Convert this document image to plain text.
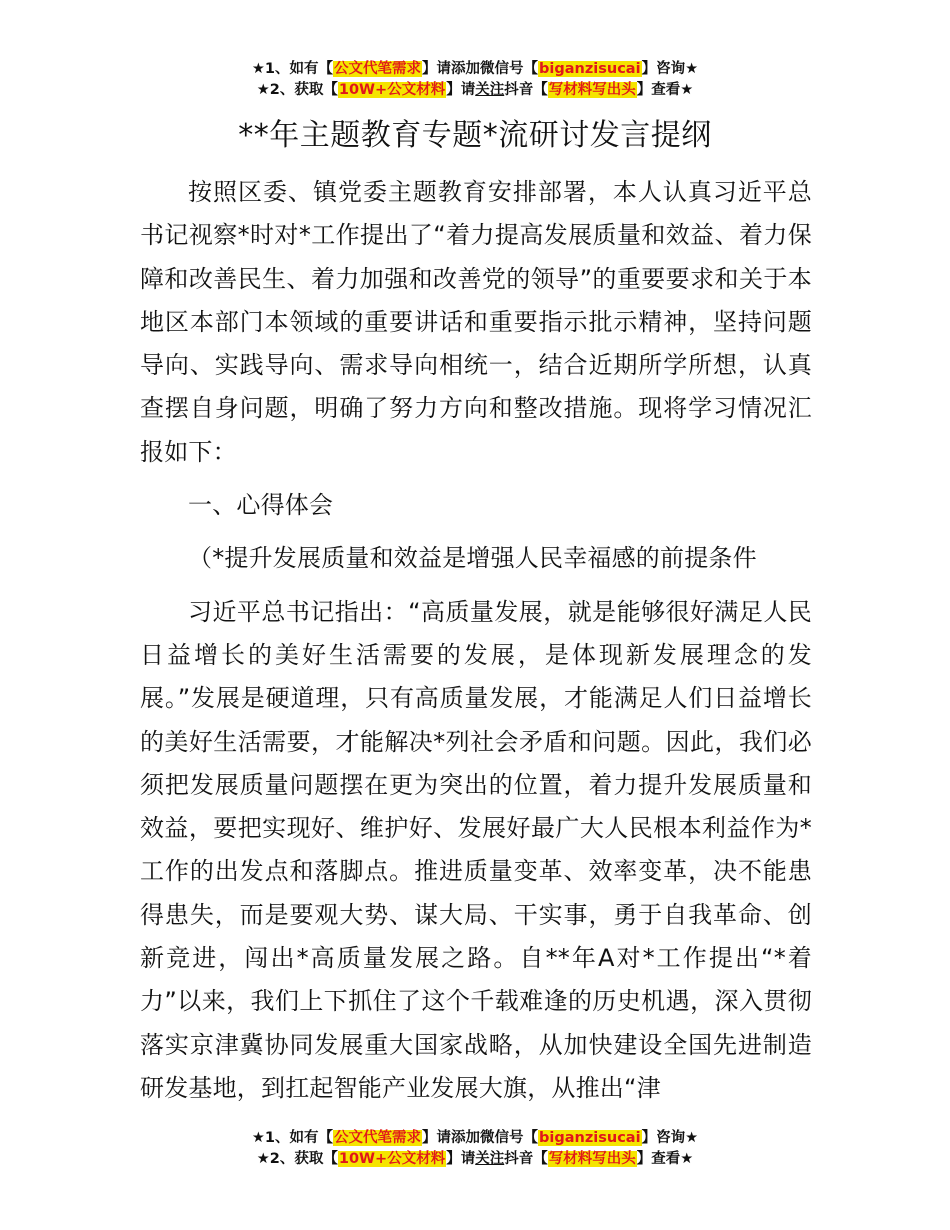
★1、如有【公文代笔需求】请添加微信号【biganzisucai】咨询★
★2、获取【10W+公文材料】请关注抖音【写材料写出头】查看★
**年主题教育专题*流研讨发言提纲

按照区委、镇党委主题教育安排部署，本人认真习近平总书记视察*时对*工作提出了“着力提高发展质量和效益、着力保障和改善民生、着力加强和改善党的领导”的重要要求和关于本地区本部门本领域的重要讲话和重要指示批示精神，坚持问题导向、实践导向、需求导向相统一，结合近期所学所想，认真查摆自身问题，明确了努力方向和整改措施。现将学习情况汇报如下：

一、心得体会

（*提升发展质量和效益是增强人民幸福感的前提条件

习近平总书记指出：“高质量发展，就是能够很好满足人民日益增长的美好生活需要的发展，是体现新发展理念的发展。”发展是硬道理，只有高质量发展，才能满足人们日益增长的美好生活需要，才能解决*列社会矛盾和问题。因此，我们必须把发展质量问题摆在更为突出的位置，着力提升发展质量和效益，要把实现好、维护好、发展好最广大人民根本利益作为*工作的出发点和落脚点。推进质量变革、效率变革，决不能患得患失，而是要观大势、谋大局、干实事，勇于自我革命、创新竞进，闯出*高质量发展之路。自**年A对*工作提出“*着力”以来，我们上下抓住了这个千载难逢的历史机遇，深入贯彻落实京津冀协同发展重大国家战略，从加快建设全国先进制造研发基地，到扛起智能产业发展大旗，从推出“津

★1、如有【公文代笔需求】请添加微信号【biganzisucai】咨询★
★2、获取【10W+公文材料】请关注抖音【写材料写出头】查看★
